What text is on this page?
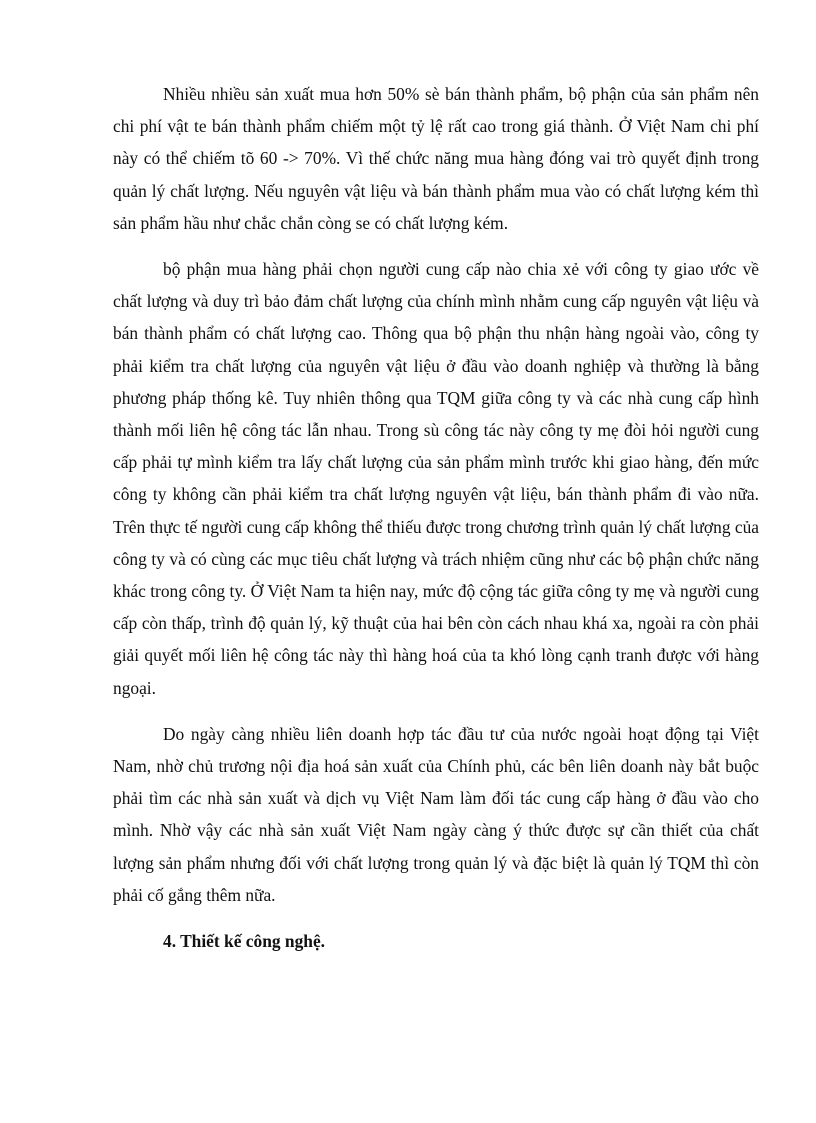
Nhiều nhiều sản xuất mua hơn 50% sè bán thành phẩm, bộ phận của sản phẩm nên chi phí vật te bán thành phẩm chiếm một tỷ lệ rất cao trong giá thành. Ở Việt Nam chi phí này có thể chiếm tõ 60 -> 70%. Vì thế chức năng mua hàng đóng vai trò quyết định trong quản lý chất lượng. Nếu nguyên vật liệu và bán thành phẩm mua vào có chất lượng kém thì sản phẩm hầu như chắc chắn còng se có chất lượng kém.

bộ phận mua hàng phải chọn người cung cấp nào chia xẻ với công ty giao ước về chất lượng và duy trì bảo đảm chất lượng của chính mình nhằm cung cấp nguyên vật liệu và bán thành phẩm có chất lượng cao. Thông qua bộ phận thu nhận hàng ngoài vào, công ty phải kiểm tra chất lượng của nguyên vật liệu ở đầu vào doanh nghiệp và thường là bằng phương pháp thống kê. Tuy nhiên thông qua TQM giữa công ty và các nhà cung cấp hình thành mối liên hệ công tác lẫn nhau. Trong sù công tác này công ty mẹ đòi hỏi người cung cấp phải tự mình kiểm tra lấy chất lượng của sản phẩm mình trước khi giao hàng, đến mức công ty không cần phải kiểm tra chất lượng nguyên vật liệu, bán thành phẩm đi vào nữa. Trên thực tế người cung cấp không thể thiếu được trong chương trình quản lý chất lượng của công ty và có cùng các mục tiêu chất lượng và trách nhiệm cũng như các bộ phận chức năng khác trong công ty. Ở Việt Nam ta hiện nay, mức độ cộng tác giữa công ty mẹ và người cung cấp còn thấp, trình độ quản lý, kỹ thuật của hai bên còn cách nhau khá xa, ngoài ra còn phải giải quyết mối liên hệ công tác này thì hàng hoá của ta khó lòng cạnh tranh được với hàng ngoại.

Do ngày càng nhiều liên doanh hợp tác đầu tư của nước ngoài hoạt động tại Việt Nam, nhờ chủ trương nội địa hoá sản xuất của Chính phủ, các bên liên doanh này bắt buộc phải tìm các nhà sản xuất và dịch vụ Việt Nam làm đối tác cung cấp hàng ở đầu vào cho mình. Nhờ vậy các nhà sản xuất Việt Nam ngày càng ý thức được sự cần thiết của chất lượng sản phẩm nhưng đối với chất lượng trong quản lý và đặc biệt là quản lý TQM thì còn phải cố gắng thêm nữa.

4. Thiết kế công nghệ.
